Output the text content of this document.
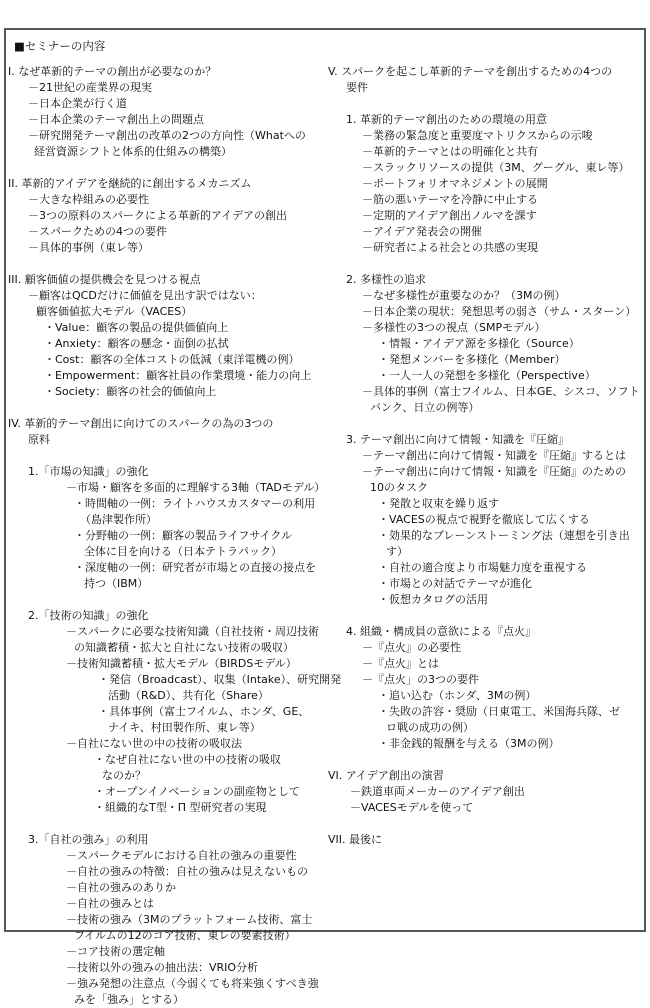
■セミナーの内容
I. なぜ革新的テーマの創出が必要なのか？
－21世紀の産業界の現実
－日本企業が行く道
－日本企業のテーマ創出上の問題点
－研究開発テーマ創出の改革の2つの方向性（Whatへの
経営資源シフトと体系的仕組みの構築）
II. 革新的アイデアを継続的に創出するメカニズム
－大きな枠組みの必要性
－3つの原料のスパークによる革新的アイデアの創出
－スパークための4つの要件
－具体的事例（東レ等）
III. 顧客価値の提供機会を見つける視点
－顧客はQCDだけに価値を見出す訳ではない：
顧客価値拡大モデル（VACES）
・Value：顧客の製品の提供価値向上
・Anxiety：顧客の懸念・面倒の払拭
・Cost：顧客の全体コストの低減（東洋電機の例）
・Empowerment：顧客社員の作業環境・能力の向上
・Society：顧客の社会的価値向上
IV. 革新的テーマ創出に向けてのスパークの為の3つの
原料
1.「市場の知識」の強化
－市場・顧客を多面的に理解する3軸（TADモデル）
・時間軸の一例：ライトハウスカスタマーの利用
（島津製作所）
・分野軸の一例：顧客の製品ライフサイクル
全体に目を向ける（日本テトラパック）
・深度軸の一例：研究者が市場との直接の接点を
持つ（IBM）
2.「技術の知識」の強化
－スパークに必要な技術知識（自社技術・周辺技術
の知識蓄積・拡大と自社にない技術の吸収）
－技術知識蓄積・拡大モデル（BIRDSモデル）
・発信（Broadcast）、収集（Intake）、研究開発
活動（R&D）、共有化（Share）
・具体事例（富士フイルム、ホンダ、GE、
ナイキ、村田製作所、東レ等）
－自社にない世の中の技術の吸収法
・なぜ自社にない世の中の技術の吸収
なのか？
・オープンイノベーションの副産物として
・組織的なT型・Π 型研究者の実現
3.「自社の強み」の利用
－スパークモデルにおける自社の強みの重要性
－自社の強みの特徴：自社の強みは見えないもの
－自社の強みのありか
－自社の強みとは
－技術の強み（3Mのプラットフォーム技術、富士
フイルムの12のコア技術、東レの要素技術）
－コア技術の選定軸
－技術以外の強みの抽出法：VRIO分析
－強み発想の注意点（今弱くても将来強くすべき強
みを「強み」とする）
V. スパークを起こし革新的テーマを創出するための4つの
要件
1. 革新的テーマ創出のための環境の用意
－業務の緊急度と重要度マトリクスからの示唆
－革新的テーマとはの明確化と共有
－スラックリソースの提供（3M、グーグル、東レ等）
－ポートフォリオマネジメントの展開
－筋の悪いテーマを冷静に中止する
－定期的アイデア創出ノルマを課す
－アイデア発表会の開催
－研究者による社会との共感の実現
2. 多様性の追求
－なぜ多様性が重要なのか？（3Mの例）
－日本企業の現状：発想思考の弱さ（サム・スターン）
－多様性の3つの視点（SMPモデル）
・情報・アイデア源を多様化（Source）
・発想メンバーを多様化（Member）
・一人一人の発想を多様化（Perspective）
－具体的事例（富士フイルム、日本GE、シスコ、ソフト
バンク、日立の例等）
3. テーマ創出に向けて情報・知識を『圧縮』
－テーマ創出に向けて情報・知識を『圧縮』するとは
－テーマ創出に向けて情報・知識を『圧縮』のための
10のタスク
・発散と収束を繰り返す
・VACESの視点で視野を徹底して広くする
・効果的なブレーンストーミング法（連想を引き出
す）
・自社の適合度より市場魅力度を重視する
・市場との対話でテーマが進化
・仮想カタログの活用
4. 組織・構成員の意欲による『点火』
－『点火』の必要性
－『点火』とは
－『点火」の3つの要件
・追い込む（ホンダ、3Mの例）
・失敗の許容・奨励（日東電工、米国海兵隊、ゼ
ロ戦の成功の例）
・非金銭的報酬を与える（3Mの例）
VI. アイデア創出の演習
－鉄道車両メーカーのアイデア創出
－VACESモデルを使って
VII. 最後に
